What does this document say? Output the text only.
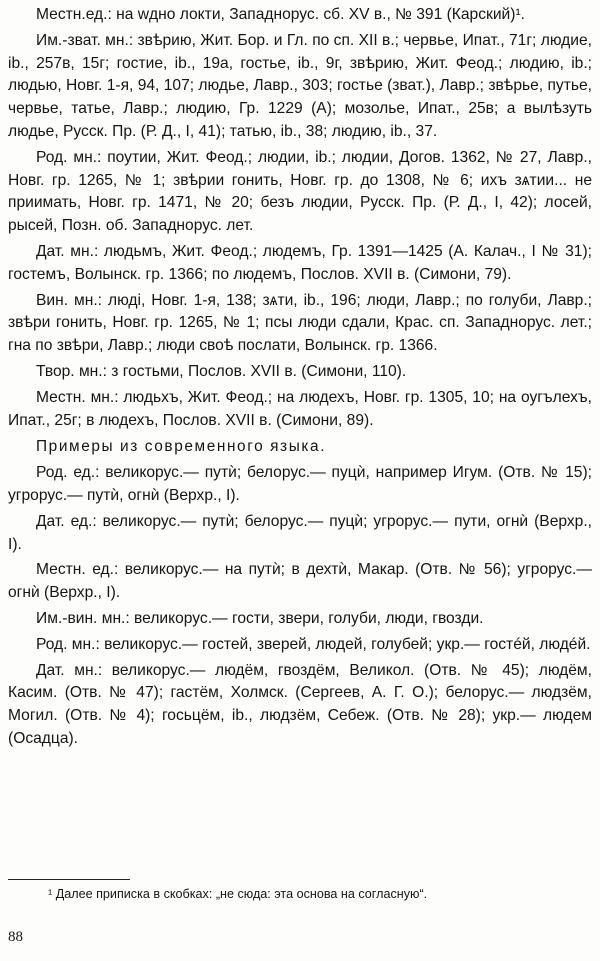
Местн.ед.: на wдно локти, Западнорус. сб. XV в., № 391 (Карский)¹.

Им.-зват. мн.: звѣрию, Жит. Бор. и Гл. по сп. XII в.; червье, Ипат., 71г; людие, ib., 257в, 15г; гостие, ib., 19а, гостье, ib., 9г, звѣрию, Жит. Феод.; людию, ib.; людью, Новг. 1-я, 94, 107; людье, Лавр., 303; гостье (зват.), Лавр.; звѣрье, путье, червье, татье, Лавр.; людию, Гр. 1229 (А); мозолье, Ипат., 25в; а вылѣзуть людье, Русск. Пр. (Р. Д., I, 41); татью, ib., 38; людию, ib., 37.

Род. мн.: поутии, Жит. Феод.; людии, ib.; людии, Догов. 1362, № 27, Лавр., Новг. гр. 1265, № 1; звѣрии гонить, Новг. гр. до 1308, № 6; ихъ зѧтии... не приимать, Новг. гр. 1471, № 20; безъ людии, Русск. Пр. (Р. Д., I, 42); лосей, рысей, Позн. об. Западнорус. лет.

Дат. мн.: людьмъ, Жит. Феод.; людемъ, Гр. 1391—1425 (А. Калач., I № 31); гостемъ, Волынск. гр. 1366; по людемъ, Послов. XVII в. (Симони, 79).

Вин. мн.: люді, Новг. 1-я, 138; зѧти, ib., 196; люди, Лавр.; по голуби, Лавр.; звѣри гонить, Новг. гр. 1265, № 1; псы люди сдали, Крас. сп. Западнорус. лет.; гна по звѣри, Лавр.; люди своѣ послати, Волынск. гр. 1366.

Твор. мн.: з гостьми, Послов. XVII в. (Симони, 110).

Местн. мн.: людьхъ, Жит. Феод.; на людехъ, Новг. гр. 1305, 10; на оугълехъ, Ипат., 25г; в людехъ, Послов. XVII в. (Симони, 89).

Примеры из современного языка.

Род. ед.: великорус.— путѝ; белорус.— пуцѝ, например Игум. (Отв. № 15); угрорус.— путѝ, огнѝ (Верхр., I).

Дат. ед.: великорус.— путѝ; белорус.— пуцѝ; угрорус.— пути, огнѝ (Верхр., I).

Местн. ед.: великорус.— на путѝ; в дехтѝ, Макар. (Отв. № 56); угрорус.— огнѝ (Верхр., I).

Им.-вин. мн.: великорус.— гости, звери, голуби, люди, гвозди.

Род. мн.: великорус.— гостей, зверей, людей, голубей; укр.— гостéй, людéй.

Дат. мн.: великорус.— людём, гвоздём, Великол. (Отв. № 45); людём, Касим. (Отв. № 47); гастём, Холмск. (Сергеев, А. Г. О.); белорус.— людзём, Могил. (Отв. № 4); госьцём, ib., людзём, Себеж. (Отв. № 28); укр.— людем (Осадца).

¹ Далее приписка в скобках: „не сюда: эта основа на согласную“.
88
